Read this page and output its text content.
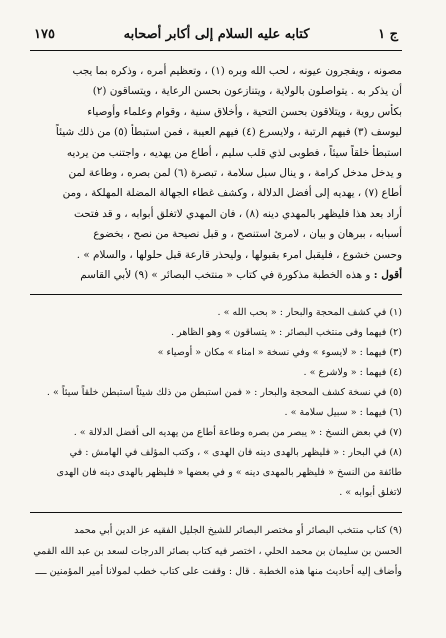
ج ١
كتابه عليه السلام إلى أكابر أصحابه
١٧٥
مصونه ، ويفجرون عيونه ، لحب الله وبره (١) ، وتعظيم أمره ، وذكره بما يجب
أن يذكر به . يتواصلون بالولاية ، ويتنازعون بحسن الرعاية ، ويتساقون (٢)
بكأس روية ، ويتلاقون بحسن التحية ، وأخلاق سنية ، وقوام وعلماء وأوصياء
ليوسف (٣) فيهم الرتبة ، ولايسرع (٤) فيهم العيبة ، فمن استبطأ (٥) من ذلك شيئاً
استبطأ خلقاً سيئاً ، فطوبى لذي قلب سليم ، أطاع من يهديه ، واجتنب من يرديه
و يدخل مدخل كرامة ، و ينال سبل سلامة ، تبصرة (٦) لمن بصره ، وطاعة لمن
أطاع (٧) ، يهديه إلى أفضل الدلالة ، وكشف غطاء الجهالة المضلة المهلكة ، ومن
أراد بعد هذا فليظهر بالمهدي دينه (٨) ، فان المهدي لاتغلق أبوابه ، و قد فتحت
أسبابه ، ببرهان و بيان ، لامرئ استنصح ، و قبل نصيحة من نصح ، بخضوع
وحسن خشوع ، فليقبل امرء بقبولها ، وليحذر قارعة قبل حلولها ، والسلام » .
أقول : و هذه الخطبة مذكورة في كتاب « منتخب البصائر » (٩) لأبي القاسم
(١) في كشف المحجة والبحار : « بحب الله » .
(٢) فيهما وفى منتخب البصائر : « يتساقون » وهو الظاهر .
(٣) فيهما : « لايسوء » وفي نسخة « امناء » مكان « أوصياء »
(٤) فيهما : « ولاشرع » .
(٥) في نسخة كشف المحجة والبحار : « فمن استبطن من ذلك شيئاً استبطن خلقاً سيئاً » .
(٦) فيهما : « سبيل سلامة » .
(٧) في بعض النسخ : « يبصر من بصره وطاعة أطاع من يهديه الى أفضل الدلالة » .
(٨) في البحار : « فليظهر بالهدى دينه فان الهدى » ، وكتب المؤلف في الهامش : في
طائفة من النسخ « فليظهر بالمهدى دينه » و في بعضها « فليظهر بالهدى دينه فان الهدى
لاتغلق أبوابه » .
(٩) كتاب منتخب البصائر أو مختصر البصائر للشيخ الجليل الفقيه عز الدين أبي محمد
الحسن بن سليمان بن محمد الحلي ، اختصر فيه كتاب بصائر الدرجات لسعد بن عبد الله القمي
وأضاف إليه أحاديث منها هذه الخطبة . قال : وقفت على كتاب خطب لمولانا أمير المؤمنين ــــ
